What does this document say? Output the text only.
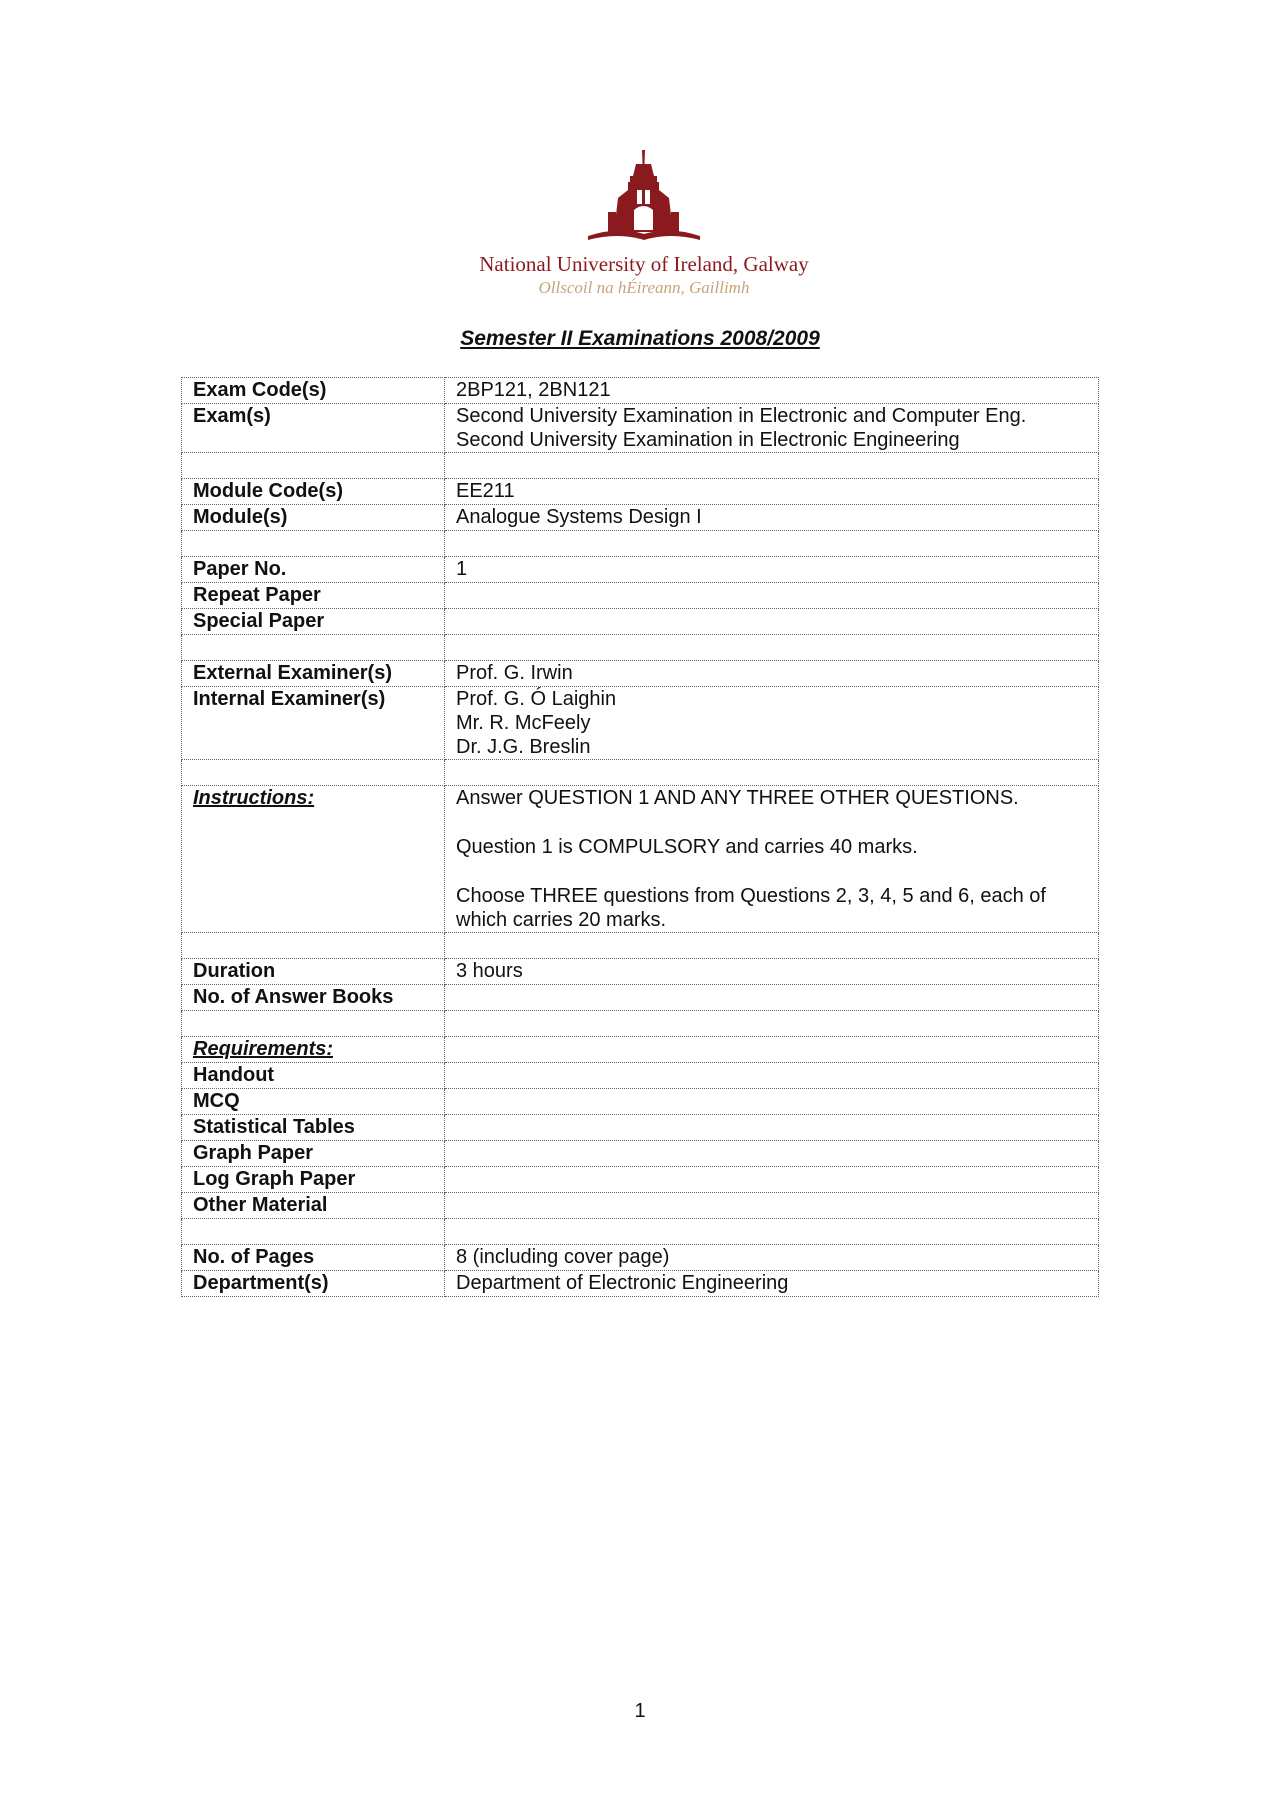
National University of Ireland, Galway
Ollscoil na hÉireann, Gaillimh
Semester II Examinations 2008/2009
Exam Code(s)	2BP121, 2BN121
Exam(s)	Second University Examination in Electronic and Computer Eng.
Second University Examination in Electronic Engineering

Module Code(s)	EE211
Module(s)	Analogue Systems Design I

Paper No.	1
Repeat Paper	
Special Paper	

External Examiner(s)	Prof. G. Irwin
Internal Examiner(s)	Prof. G. Ó Laighin
Mr. R. McFeely
Dr. J.G. Breslin

Instructions:	Answer QUESTION 1 AND ANY THREE OTHER QUESTIONS.
Question 1 is COMPULSORY and carries 40 marks.
Choose THREE questions from Questions 2, 3, 4, 5 and 6, each of which carries 20 marks.

Duration	3 hours
No. of Answer Books	

Requirements:	
Handout	
MCQ	
Statistical Tables	
Graph Paper	
Log Graph Paper	
Other Material	

No. of Pages	8 (including cover page)
Department(s)	Department of Electronic Engineering
1
